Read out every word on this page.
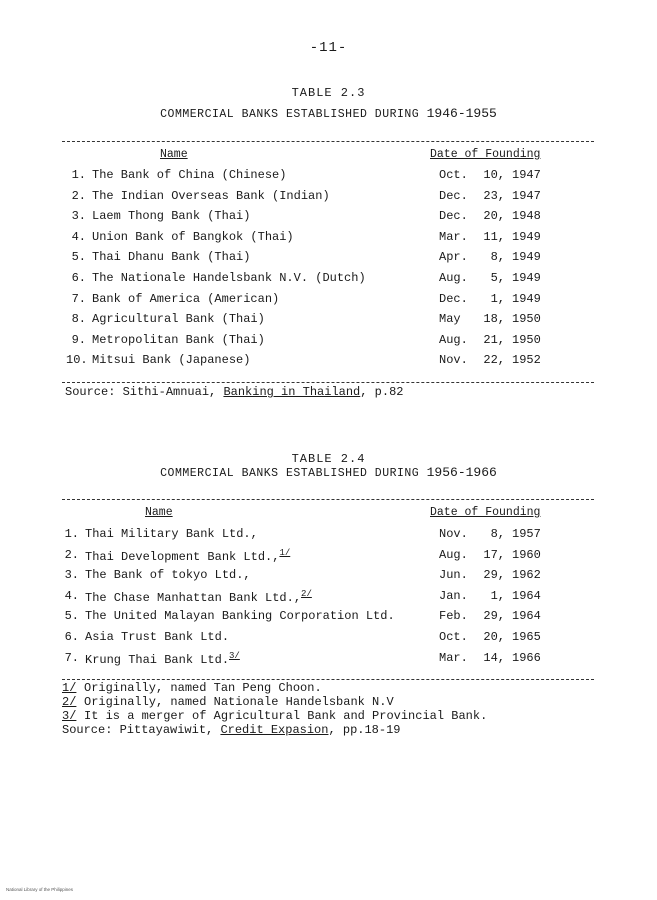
-11-
TABLE 2.3
COMMERCIAL BANKS ESTABLISHED DURING 1946-1955
Name	Date of Founding
1. The Bank of China (Chinese)	Oct.	10, 1947
2. The Indian Overseas Bank (Indian)	Dec.	23, 1947
3. Laem Thong Bank (Thai)	Dec.	20, 1948
4. Union Bank of Bangkok (Thai)	Mar.	11, 1949
5. Thai Dhanu Bank (Thai)	Apr.	8, 1949
6. The Nationale Handelsbank N.V. (Dutch)	Aug.	5, 1949
7. Bank of America (American)	Dec.	1, 1949
8. Agricultural Bank (Thai)	May	18, 1950
9. Metropolitan Bank (Thai)	Aug.	21, 1950
10. Mitsui Bank (Japanese)	Nov.	22, 1952
Source: Sithi-Amnuai, Banking in Thailand, p.82
TABLE 2.4
COMMERCIAL BANKS ESTABLISHED DURING 1956-1966
Name	Date of Founding
1. Thai Military Bank Ltd.,	Nov.	8, 1957
2. Thai Development Bank Ltd.,$^{1/}$	Aug.	17, 1960
3. The Bank of tokyo Ltd.,	Jun.	29, 1962
4. The Chase Manhattan Bank Ltd.,$^{2/}$	Jan.	1, 1964
5. The United Malayan Banking Corporation Ltd.	Feb.	29, 1964
6. Asia Trust Bank Ltd.	Oct.	20, 1965
7. Krung Thai Bank Ltd.$^{3/}$	Mar.	14, 1966
1/ Originally, named Tan Peng Choon.
2/ Originally, named Nationale Handelsbank N.V
3/ It is a merger of Agricultural Bank and Provincial Bank.
Source: Pittayawiwit, Credit Expasion, pp.18-19
National Library of the Philippines
